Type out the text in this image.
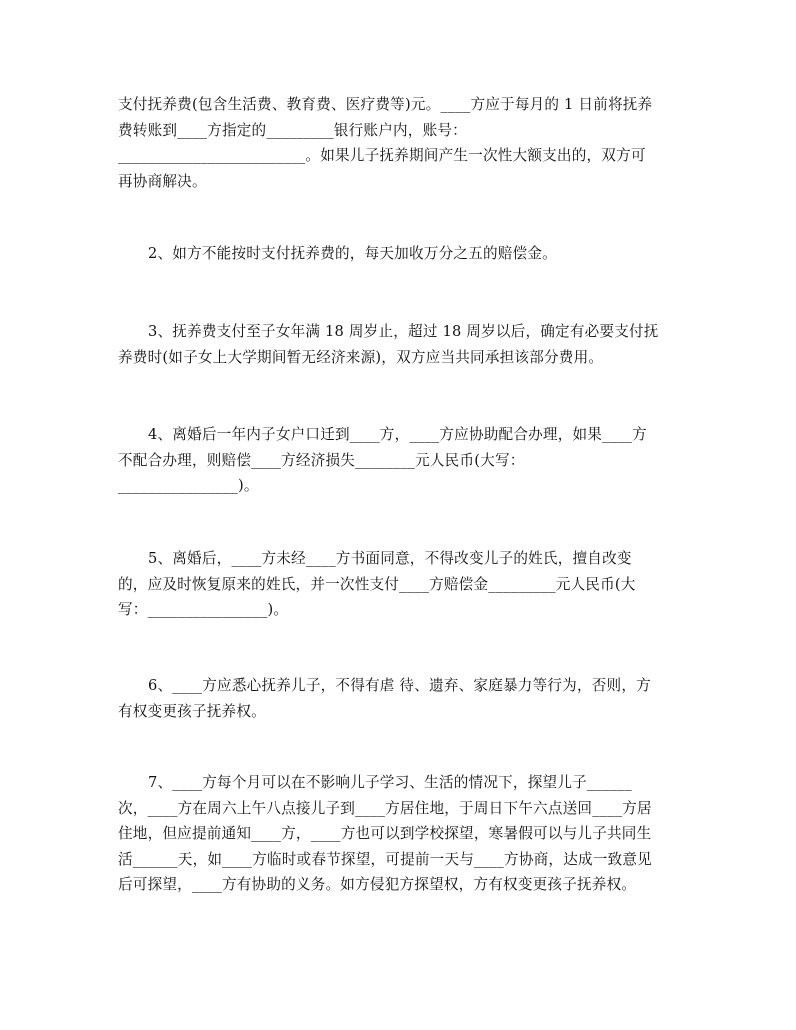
支付抚养费(包含生活费、教育费、医疗费等)元。____方应于每月的 1 日前将抚养
费转账到____方指定的_________银行账户内，账号：
_________________________。如果儿子抚养期间产生一次性大额支出的，双方可
再协商解决。
2、如方不能按时支付抚养费的，每天加收万分之五的赔偿金。
3、抚养费支付至子女年满 18 周岁止，超过 18 周岁以后，确定有必要支付抚
养费时(如子女上大学期间暂无经济来源)，双方应当共同承担该部分费用。
4、离婚后一年内子女户口迁到____方，____方应协助配合办理，如果____方
不配合办理，则赔偿____方经济损失________元人民币(大写：
________________)。
5、离婚后，____方未经____方书面同意，不得改变儿子的姓氏，擅自改变
的，应及时恢复原来的姓氏，并一次性支付____方赔偿金_________元人民币(大
写：________________)。
6、____方应悉心抚养儿子，不得有虐 待、遗弃、家庭暴力等行为，否则，方
有权变更孩子抚养权。
7、____方每个月可以在不影响儿子学习、生活的情况下，探望儿子______
次，____方在周六上午八点接儿子到____方居住地，于周日下午六点送回____方居
住地，但应提前通知____方，____方也可以到学校探望，寒暑假可以与儿子共同生
活______天，如____方临时或春节探望，可提前一天与____方协商，达成一致意见
后可探望，____方有协助的义务。如方侵犯方探望权，方有权变更孩子抚养权。
